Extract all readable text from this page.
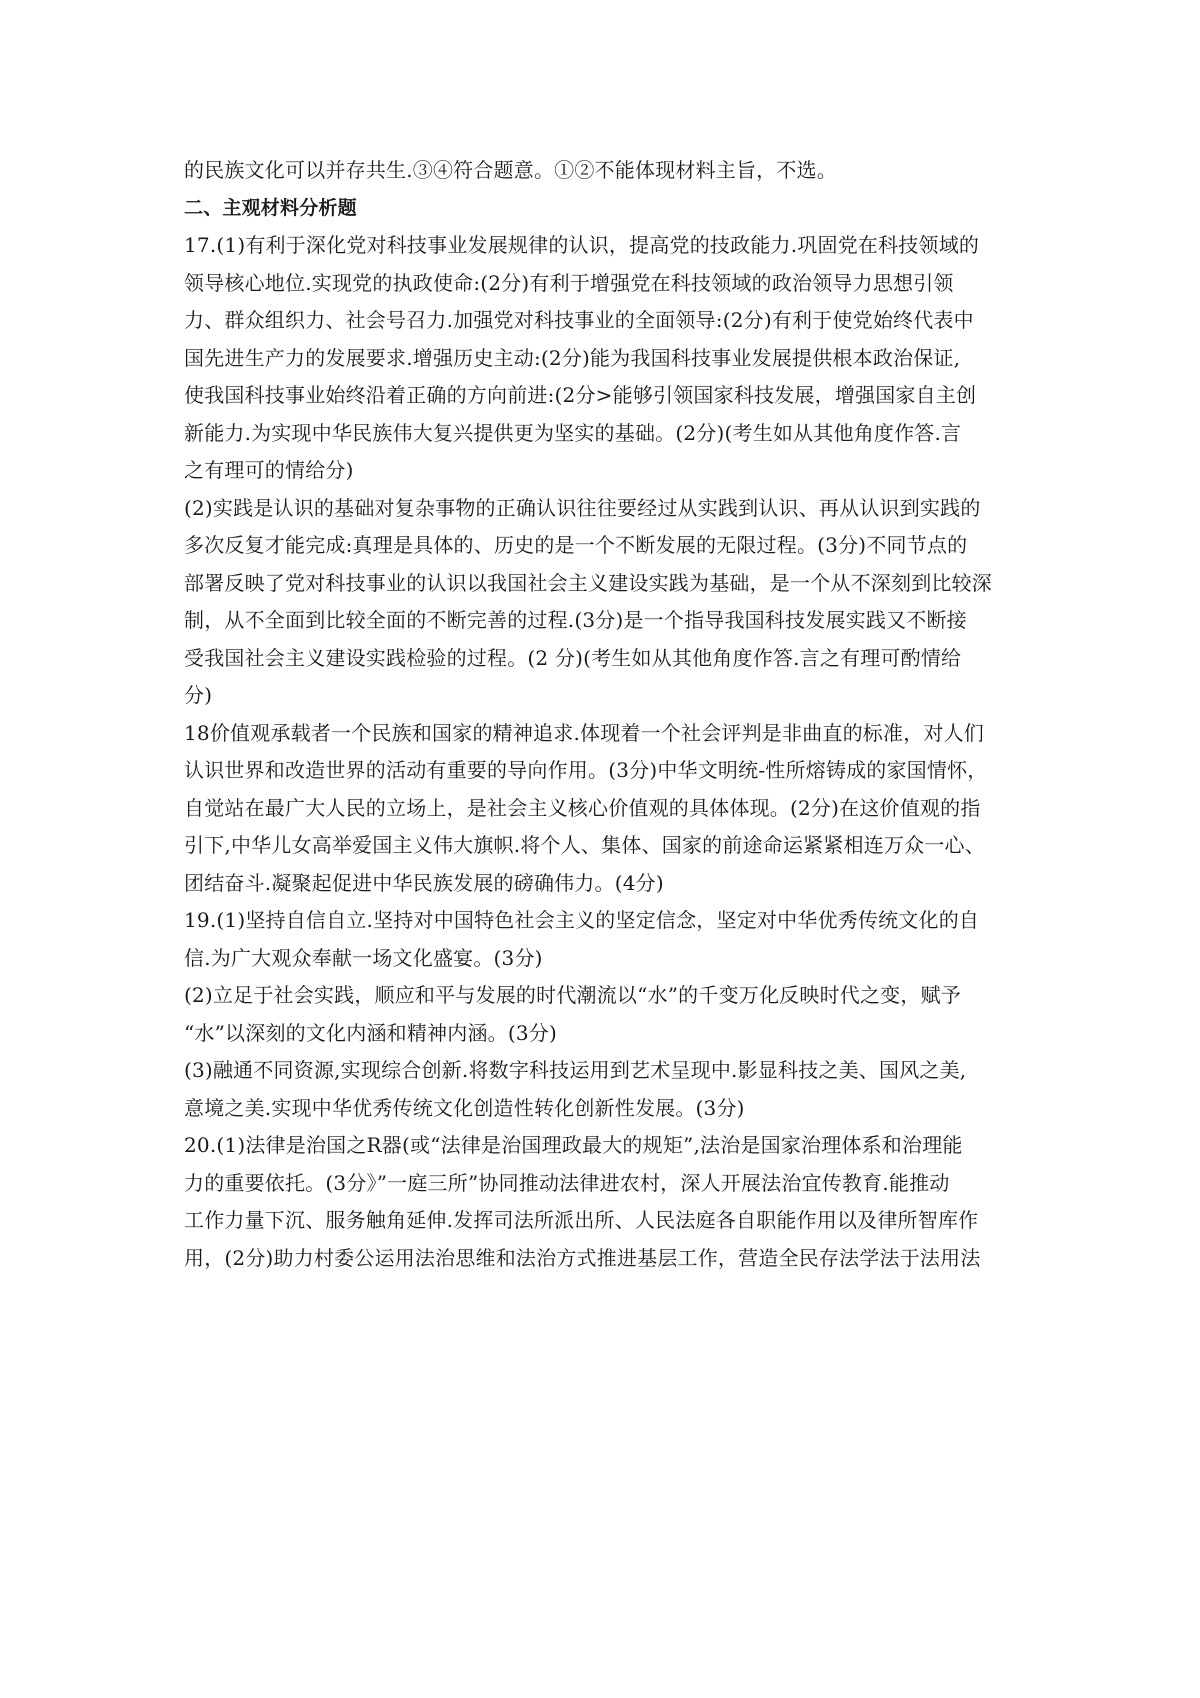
的民族文化可以并存共生.③④符合题意。①②不能体现材料主旨，不选。
二、主观材料分析题
17.(1)有利于深化党对科技事业发展规律的认识，提高党的技政能力.巩固党在科技领域的
领导核心地位.实现党的执政使命:(2分)有利于增强党在科技领域的政治领导力思想引领
力、群众组织力、社会号召力.加强党对科技事业的全面领导:(2分)有利于使党始终代表中
国先进生产力的发展要求.增强历史主动:(2分)能为我国科技事业发展提供根本政治保证,
使我国科技事业始终沿着正确的方向前进:(2分>能够引领国家科技发展，增强国家自主创
新能力.为实现中华民族伟大复兴提供更为坚实的基础。(2分)(考生如从其他角度作答.言
之有理可的情给分)
(2)实践是认识的基础对复杂事物的正确认识往往要经过从实践到认识、再从认识到实践的
多次反复才能完成:真理是具体的、历史的是一个不断发展的无限过程。(3分)不同节点的
部署反映了党对科技事业的认识以我国社会主义建设实践为基础，是一个从不深刻到比较深
制，从不全面到比较全面的不断完善的过程.(3分)是一个指导我国科技发展实践又不断接
受我国社会主义建设实践检验的过程。(2 分)(考生如从其他角度作答.言之有理可酌情给
分)
18价值观承载者一个民族和国家的精神追求.体现着一个社会评判是非曲直的标准，对人们
认识世界和改造世界的活动有重要的导向作用。(3分)中华文明统-性所熔铸成的家国情怀，
自觉站在最广大人民的立场上，是社会主义核心价值观的具体体现。(2分)在这价值观的指
引下,中华儿女高举爱国主义伟大旗帜.将个人、集体、国家的前途命运紧紧相连万众一心、
团结奋斗.凝聚起促进中华民族发展的磅确伟力。(4分)
19.(1)坚持自信自立.坚持对中国特色社会主义的坚定信念，坚定对中华优秀传统文化的自
信.为广大观众奉献一场文化盛宴。(3分)
(2)立足于社会实践，顺应和平与发展的时代潮流以“水”的千变万化反映时代之变，赋予
“水”以深刻的文化内涵和精神内涵。(3分)
(3)融通不同资源,实现综合创新.将数字科技运用到艺术呈现中.影显科技之美、国风之美,
意境之美.实现中华优秀传统文化创造性转化创新性发展。(3分)
20.(1)法律是治国之R器(或“法律是治国理政最大的规矩”,法治是国家治理体系和治理能
力的重要依托。(3分》”一庭三所”协同推动法律进农村，深人开展法治宜传教育.能推动
工作力量下沉、服务触角延伸.发挥司法所派出所、人民法庭各自职能作用以及律所智库作
用，(2分)助力村委公运用法治思维和法治方式推进基层工作，营造全民存法学法于法用法
